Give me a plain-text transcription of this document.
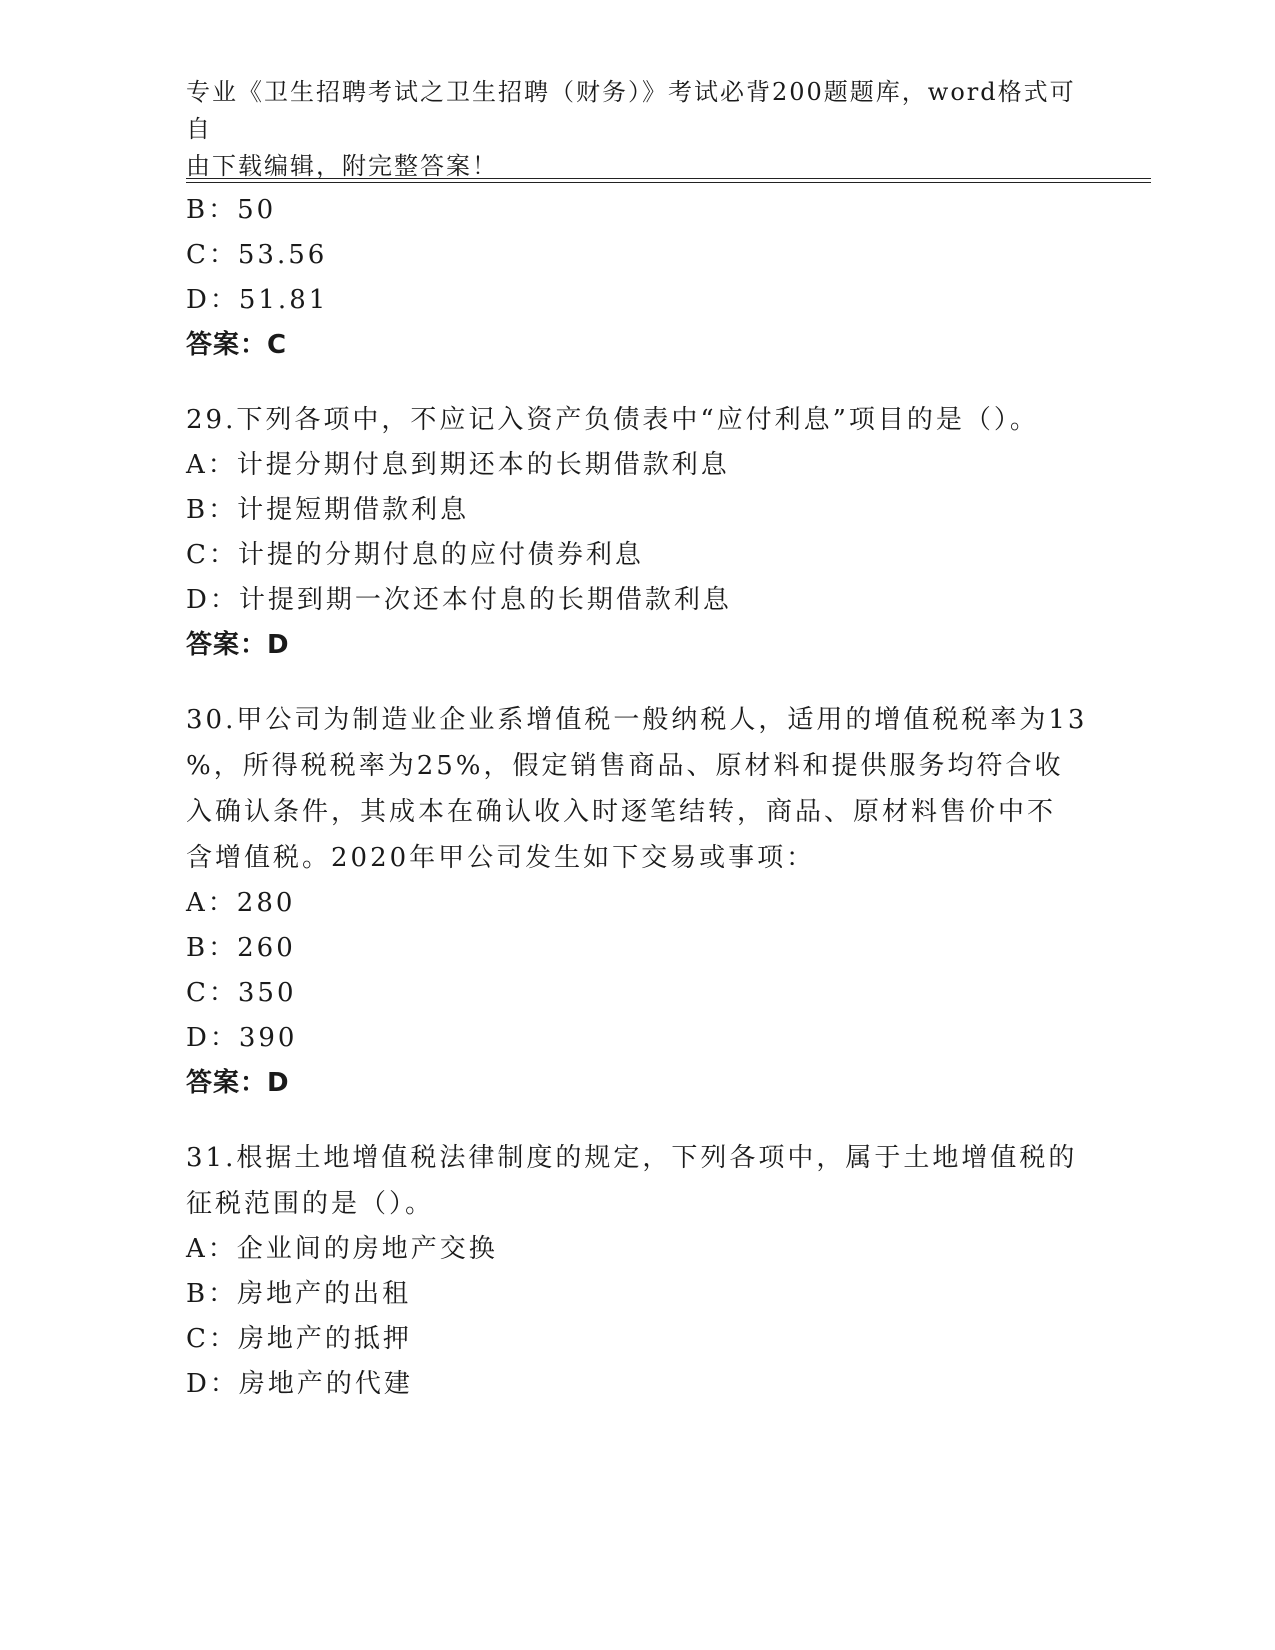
专业《卫生招聘考试之卫生招聘（财务）》考试必背200题题库，word格式可自
由下载编辑，附完整答案！
B：50
C：53.56
D：51.81
答案：C
29.下列各项中，不应记入资产负债表中“应付利息”项目的是（）。
A：计提分期付息到期还本的长期借款利息
B：计提短期借款利息
C：计提的分期付息的应付债券利息
D：计提到期一次还本付息的长期借款利息
答案：D
30.甲公司为制造业企业系增值税一般纳税人，适用的增值税税率为13
%，所得税税率为25%，假定销售商品、原材料和提供服务均符合收
入确认条件，其成本在确认收入时逐笔结转，商品、原材料售价中不
含增值税。2020年甲公司发生如下交易或事项：
A：280
B：260
C：350
D：390
答案：D
31.根据土地增值税法律制度的规定，下列各项中，属于土地增值税的
征税范围的是（）。
A：企业间的房地产交换
B：房地产的出租
C：房地产的抵押
D：房地产的代建
